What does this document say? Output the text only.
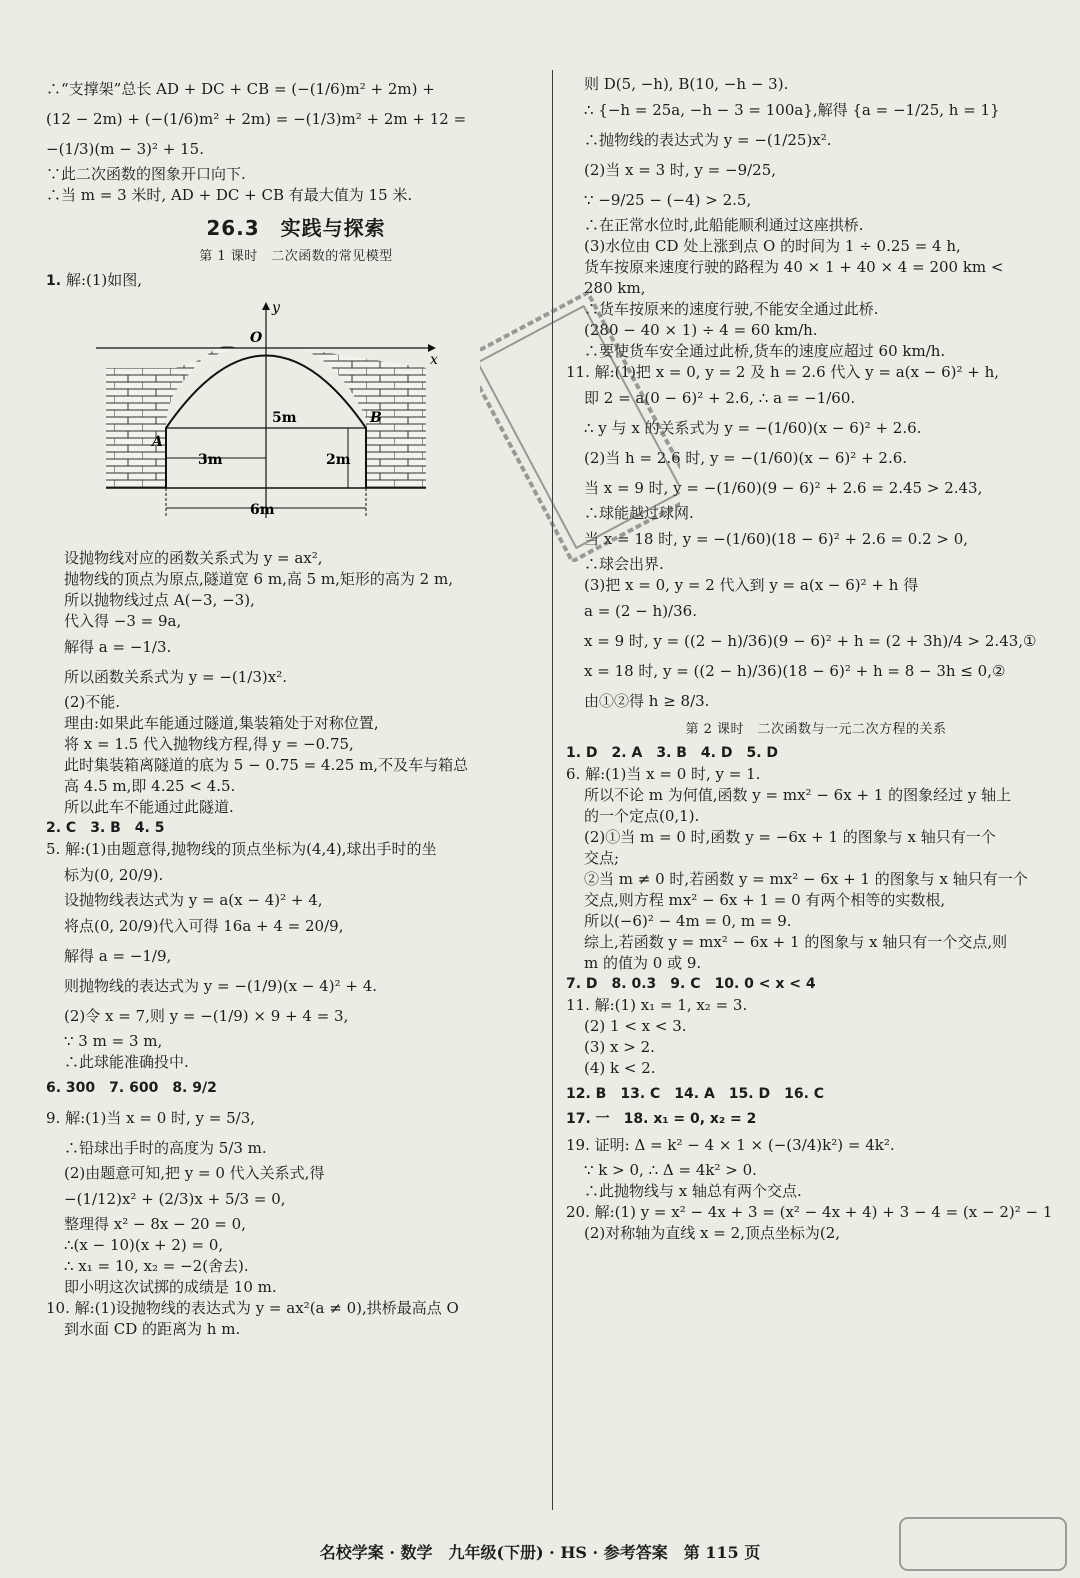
∴“支撑架”总长 AD + DC + CB = (−(1/6)m² + 2m) +

(12 − 2m) + (−(1/6)m² + 2m) = −(1/3)m² + 2m + 12 =

−(1/3)(m − 3)² + 15.

∵此二次函数的图象开口向下.

∴当 m = 3 米时, AD + DC + CB 有最大值为 15 米.

26.3　实践与探索
第 1 课时　二次函数的常见模型

1. 解:(1)如图,

y
x
O
A
B
5m
2m
3m
6m

设抛物线对应的函数关系式为 y = ax²,

抛物线的顶点为原点,隧道宽 6 m,高 5 m,矩形的高为 2 m,

所以抛物线过点 A(−3, −3),

代入得 −3 = 9a,

解得 a = −1/3.

所以函数关系式为 y = −(1/3)x².

(2)不能.

理由:如果此车能通过隧道,集装箱处于对称位置,

将 x = 1.5 代入抛物线方程,得 y = −0.75,

此时集装箱离隧道的底为 5 − 0.75 = 4.25 m,不及车与箱总

高 4.5 m,即 4.25 < 4.5.

所以此车不能通过此隧道.

2. C　3. B　4. 5

5. 解:(1)由题意得,抛物线的顶点坐标为(4,4),球出手时的坐

标为(0, 20/9).

设抛物线表达式为 y = a(x − 4)² + 4,

将点(0, 20/9)代入可得 16a + 4 = 20/9,

解得 a = −1/9,

则抛物线的表达式为 y = −(1/9)(x − 4)² + 4.

(2)令 x = 7,则 y = −(1/9) × 9 + 4 = 3,

∵ 3 m = 3 m,

∴此球能准确投中.

6. 300　7. 600　8. 9/2

9. 解:(1)当 x = 0 时, y = 5/3,

∴铅球出手时的高度为 5/3 m.

(2)由题意可知,把 y = 0 代入关系式,得

−(1/12)x² + (2/3)x + 5/3 = 0,

整理得 x² − 8x − 20 = 0,

∴(x − 10)(x + 2) = 0,

∴ x₁ = 10, x₂ = −2(舍去).

即小明这次试掷的成绩是 10 m.

10. 解:(1)设抛物线的表达式为 y = ax²(a ≠ 0),拱桥最高点 O

到水面 CD 的距离为 h m.

则 D(5, −h), B(10, −h − 3).

∴ {−h = 25a, −h − 3 = 100a},解得 {a = −1/25, h = 1}

∴抛物线的表达式为 y = −(1/25)x².

(2)当 x = 3 时, y = −9/25,

∵ −9/25 − (−4) > 2.5,

∴在正常水位时,此船能顺利通过这座拱桥.

(3)水位由 CD 处上涨到点 O 的时间为 1 ÷ 0.25 = 4 h,

货车按原来速度行驶的路程为 40 × 1 + 40 × 4 = 200 km <

280 km,

∴货车按原来的速度行驶,不能安全通过此桥.

(280 − 40 × 1) ÷ 4 = 60 km/h.

∴要使货车安全通过此桥,货车的速度应超过 60 km/h.

11. 解:(1)把 x = 0, y = 2 及 h = 2.6 代入 y = a(x − 6)² + h,

即 2 = a(0 − 6)² + 2.6, ∴ a = −1/60.

∴ y 与 x 的关系式为 y = −(1/60)(x − 6)² + 2.6.

(2)当 h = 2.6 时, y = −(1/60)(x − 6)² + 2.6.

当 x = 9 时, y = −(1/60)(9 − 6)² + 2.6 = 2.45 > 2.43,

∴球能越过球网.

当 x = 18 时, y = −(1/60)(18 − 6)² + 2.6 = 0.2 > 0,

∴球会出界.

(3)把 x = 0, y = 2 代入到 y = a(x − 6)² + h 得

a = (2 − h)/36.

x = 9 时, y = ((2 − h)/36)(9 − 6)² + h = (2 + 3h)/4 > 2.43,①

x = 18 时, y = ((2 − h)/36)(18 − 6)² + h = 8 − 3h ≤ 0,②

由①②得 h ≥ 8/3.

第 2 课时　二次函数与一元二次方程的关系

1. D　2. A　3. B　4. D　5. D

6. 解:(1)当 x = 0 时, y = 1.

所以不论 m 为何值,函数 y = mx² − 6x + 1 的图象经过 y 轴上

的一个定点(0,1).

(2)①当 m = 0 时,函数 y = −6x + 1 的图象与 x 轴只有一个

交点;

②当 m ≠ 0 时,若函数 y = mx² − 6x + 1 的图象与 x 轴只有一个

交点,则方程 mx² − 6x + 1 = 0 有两个相等的实数根,

所以(−6)² − 4m = 0, m = 9.

综上,若函数 y = mx² − 6x + 1 的图象与 x 轴只有一个交点,则

m 的值为 0 或 9.

7. D　8. 0.3　9. C　10. 0 < x < 4

11. 解:(1) x₁ = 1, x₂ = 3.

(2) 1 < x < 3.

(3) x > 2.

(4) k < 2.

12. B　13. C　14. A　15. D　16. C

17. 一　18. x₁ = 0, x₂ = 2

19. 证明: Δ = k² − 4 × 1 × (−(3/4)k²) = 4k².

∵ k > 0, ∴ Δ = 4k² > 0.

∴此抛物线与 x 轴总有两个交点.

20. 解:(1) y = x² − 4x + 3 = (x² − 4x + 4) + 3 − 4 = (x − 2)² − 1

(2)对称轴为直线 x = 2,顶点坐标为(2,

名校学案 · 数学　九年级(下册) · HS · 参考答案　第 115 页
